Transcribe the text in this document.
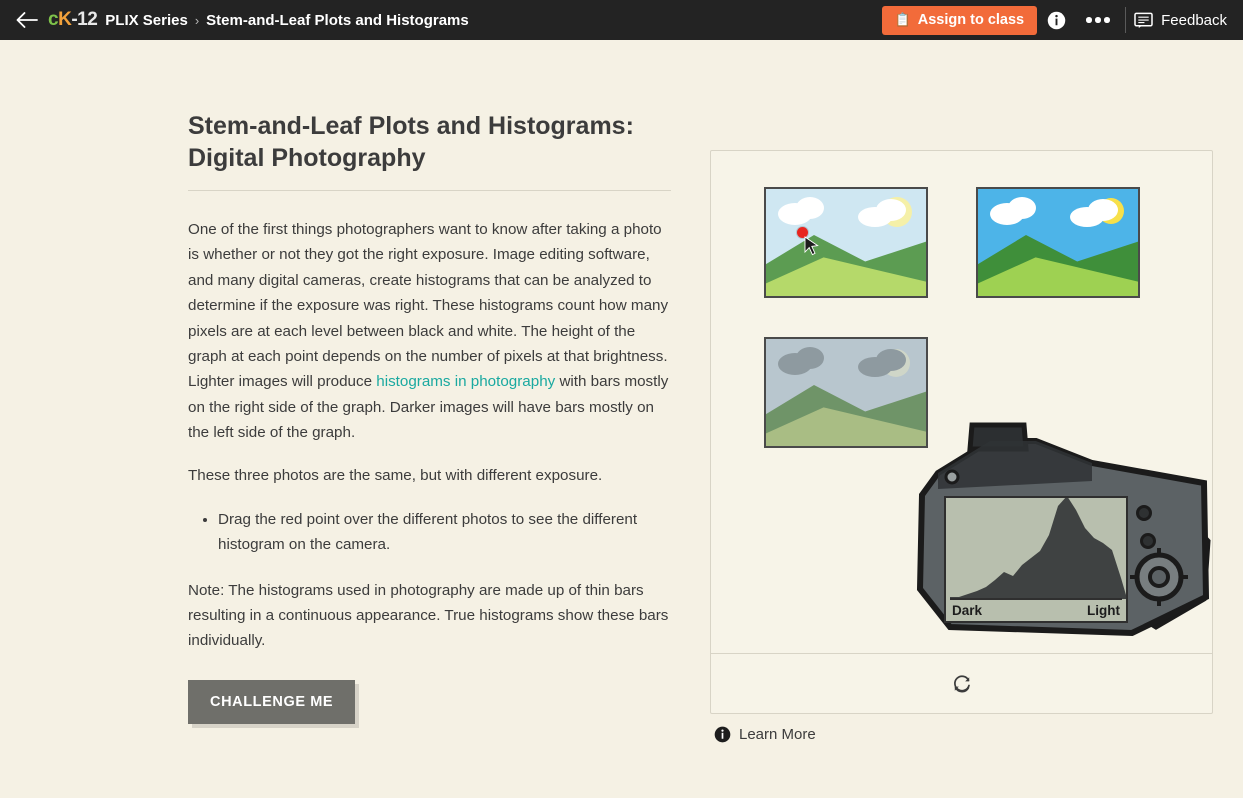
c K - 12 PLIX Series › Stem-and-Leaf Plots and Histograms	📋 Assign to class	Feedback
Stem-and-Leaf Plots and Histograms: Digital Photography

One of the first things photographers want to know after taking a photo is whether or not they got the right exposure. Image editing software, and many digital cameras, create histograms that can be analyzed to determine if the exposure was right. These histograms count how many pixels are at each level between black and white. The height of the graph at each point depends on the number of pixels at that brightness. Lighter images will produce histograms in photography with bars mostly on the right side of the graph. Darker images will have bars mostly on the left side of the graph.

These three photos are the same, but with different exposure.

• Drag the red point over the different photos to see the different histogram on the camera.

Note: The histograms used in photography are made up of thin bars resulting in a continuous appearance. True histograms show these bars individually.

CHALLENGE ME
Dark	Light
Learn More
